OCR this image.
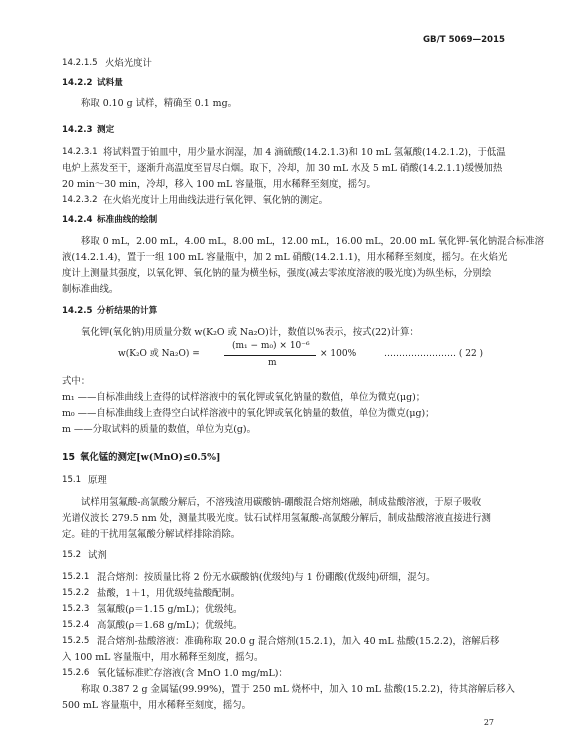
GB/T 5069—2015
14.2.1.5 火焰光度计
14.2.2 试料量
称取 0.10 g 试样，精确至 0.1 mg。
14.2.3 测定
14.2.3.1 将试料置于铂皿中，用少量水润湿，加 4 滴硫酸(14.2.1.3)和 10 mL 氢氟酸(14.2.1.2)，于低温
电炉上蒸发至干，逐渐升高温度至冒尽白烟。取下，冷却，加 30 mL 水及 5 mL 硝酸(14.2.1.1)缓慢加热
20 min～30 min，冷却，移入 100 mL 容量瓶，用水稀释至刻度，摇匀。
14.2.3.2 在火焰光度计上用曲线法进行氧化钾、氧化钠的测定。
14.2.4 标准曲线的绘制
移取 0 mL，2.00 mL，4.00 mL，8.00 mL，12.00 mL，16.00 mL，20.00 mL 氧化钾-氧化钠混合标准溶
液(14.2.1.4)，置于一组 100 mL 容量瓶中，加 2 mL 硝酸(14.2.1.1)，用水稀释至刻度，摇匀。在火焰光
度计上测量其强度，以氧化钾、氧化钠的量为横坐标，强度(减去零浓度溶液的吸光度)为纵坐标，分别绘
制标准曲线。
14.2.5 分析结果的计算
氧化钾(氧化钠)用质量分数 w(K₂O 或 Na₂O)计，数值以%表示，按式(22)计算：
w(K₂O 或 Na₂O) =
(m₁ − m₀) × 10⁻⁶
m
× 100%	…………………… ( 22 )
式中：
m₁ ——自标准曲线上查得的试样溶液中的氧化钾或氧化钠量的数值，单位为微克(μg)；
m₀ ——自标准曲线上查得空白试样溶液中的氧化钾或氧化钠量的数值，单位为微克(μg)；
m ——分取试料的质量的数值，单位为克(g)。
15 氧化锰的测定[w(MnO)≤0.5%]
15.1 原理
试样用氢氟酸-高氯酸分解后，不溶残渣用碳酸钠-硼酸混合熔剂熔融，制成盐酸溶液，于原子吸收
光谱仪波长 279.5 nm 处，测量其吸光度。钛石试样用氢氟酸-高氯酸分解后，制成盐酸溶液直接进行测
定。硅的干扰用氢氟酸分解试样排除消除。
15.2 试剂
15.2.1 混合熔剂：按质量比将 2 份无水碳酸钠(优级纯)与 1 份硼酸(优级纯)研细，混匀。
15.2.2 盐酸，1＋1，用优级纯盐酸配制。
15.2.3 氢氟酸(ρ＝1.15 g/mL)；优级纯。
15.2.4 高氯酸(ρ＝1.68 g/mL)；优级纯。
15.2.5 混合熔剂-盐酸溶液：准确称取 20.0 g 混合熔剂(15.2.1)，加入 40 mL 盐酸(15.2.2)，溶解后移
入 100 mL 容量瓶中，用水稀释至刻度，摇匀。
15.2.6 氧化锰标准贮存溶液(含 MnO 1.0 mg/mL)：
称取 0.387 2 g 金属锰(99.99%)，置于 250 mL 烧杯中，加入 10 mL 盐酸(15.2.2)，待其溶解后移入
500 mL 容量瓶中，用水稀释至刻度，摇匀。
27
